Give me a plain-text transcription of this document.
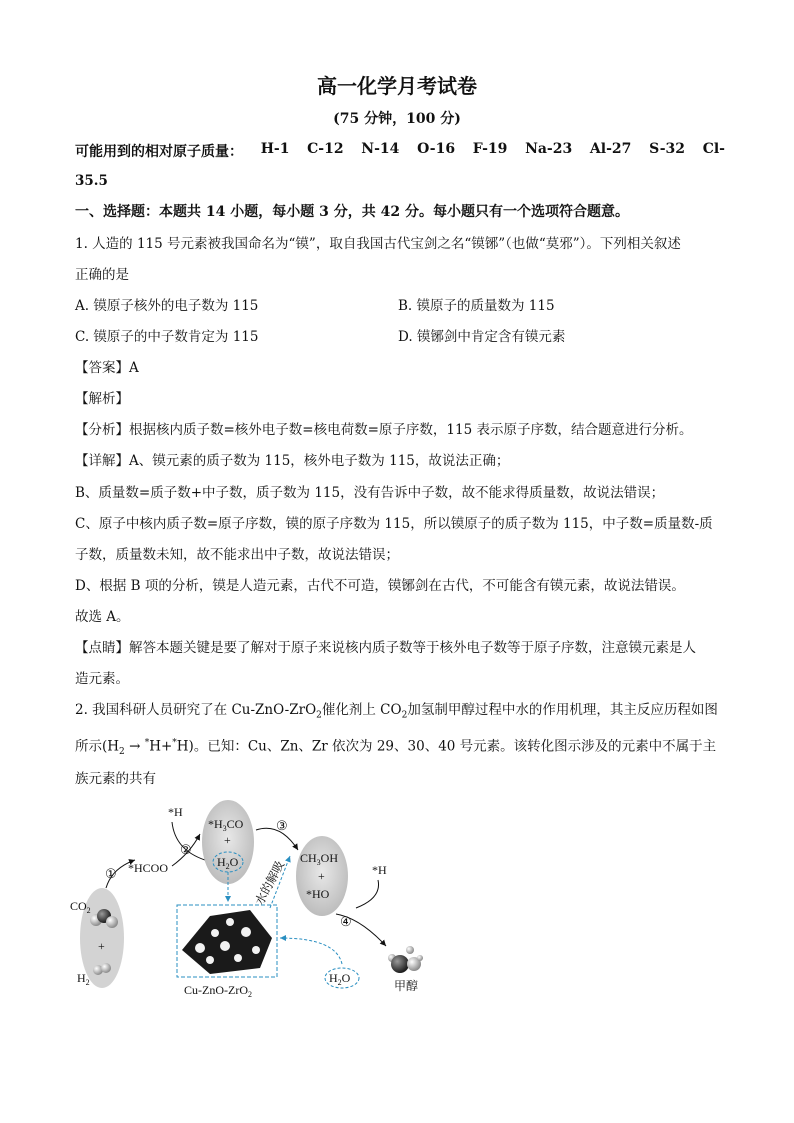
高一化学月考试卷
(75 分钟，100 分)
可能用到的相对原子质量： H-1 C-12 N-14 O-16 F-19 Na-23 Al-27 S-32 Cl-
35.5
一、选择题：本题共 14 小题，每小题 3 分，共 42 分。每小题只有一个选项符合题意。
1. 人造的 115 号元素被我国命名为“镆”，取自我国古代宝剑之名“镆铘”（也做“莫邪”）。下列相关叙述
正确的是
A. 镆原子核外的电子数为 115	B. 镆原子的质量数为 115
C. 镆原子的中子数肯定为 115	D. 镆铘剑中肯定含有镆元素
【答案】A
【解析】
【分析】根据核内质子数=核外电子数=核电荷数=原子序数，115 表示原子序数，结合题意进行分析。
【详解】A、镆元素的质子数为 115，核外电子数为 115，故说法正确；
B、质量数=质子数+中子数，质子数为 115，没有告诉中子数，故不能求得质量数，故说法错误；
C、原子中核内质子数=原子序数，镆的原子序数为 115，所以镆原子的质子数为 115，中子数=质量数-质
子数，质量数未知，故不能求出中子数，故说法错误；
D、根据 B 项的分析，镆是人造元素，古代不可造，镆铘剑在古代，不可能含有镆元素，故说法错误。
故选 A。
【点睛】解答本题关键是要了解对于原子来说核内质子数等于核外电子数等于原子序数，注意镆元素是人
造元素。
2. 我国科研人员研究了在 Cu-ZnO-ZrO$_2$催化剂上 $CO_2$加氢制甲醇过程中水的作用机理，其主反应历程如图
所示$(H_2 \to ^*H+^*H)$。已知：Cu、Zn、Zr 依次为 29、30、40 号元素。该转化图示涉及的元素中不属于主
族元素的共有
$CO_2$
+
$H_2$
① *HCOO
*H
②
$*H_3CO$
+
$H_2O$
③
$CH_3OH$
+
*HO
水的解吸	*H
④
甲醇
Cu-ZnO-ZrO$_2$
$H_2O$
